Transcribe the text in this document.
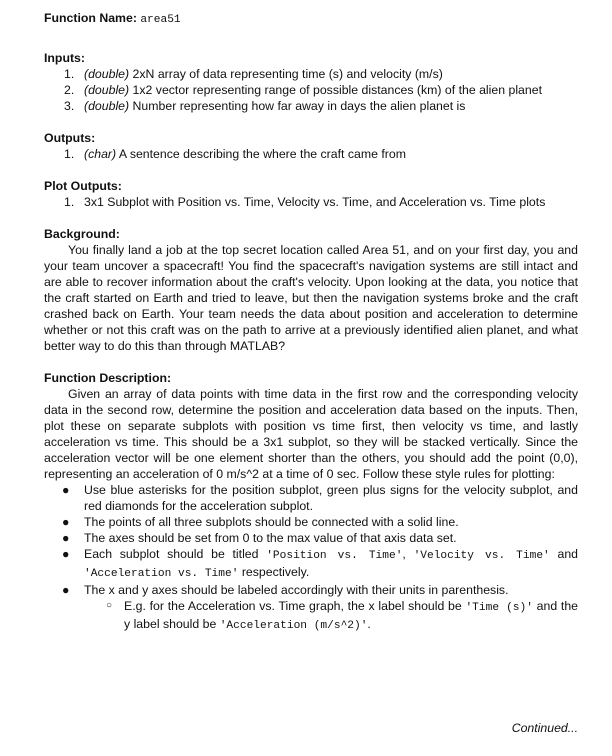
Function Name: area51

Inputs:

1. (double) 2xN array of data representing time (s) and velocity (m/s)
2. (double) 1x2 vector representing range of possible distances (km) of the alien planet
3. (double) Number representing how far away in days the alien planet is

Outputs:

1. (char) A sentence describing the where the craft came from

Plot Outputs:

1. 3x1 Subplot with Position vs. Time, Velocity vs. Time, and Acceleration vs. Time plots

Background:

You finally land a job at the top secret location called Area 51, and on your first day, you and your team uncover a spacecraft! You find the spacecraft's navigation systems are still intact and are able to recover information about the craft's velocity. Upon looking at the data, you notice that the craft started on Earth and tried to leave, but then the navigation systems broke and the craft crashed back on Earth. Your team needs the data about position and acceleration to determine whether or not this craft was on the path to arrive at a previously identified alien planet, and what better way to do this than through MATLAB?

Function Description:

Given an array of data points with time data in the first row and the corresponding velocity data in the second row, determine the position and acceleration data based on the inputs. Then, plot these on separate subplots with position vs time first, then velocity vs time, and lastly acceleration vs time. This should be a 3x1 subplot, so they will be stacked vertically. Since the acceleration vector will be one element shorter than the others, you should add the point (0,0), representing an acceleration of 0 m/s^2 at a time of 0 sec. Follow these style rules for plotting:

● Use blue asterisks for the position subplot, green plus signs for the velocity subplot, and red diamonds for the acceleration subplot.
● The points of all three subplots should be connected with a solid line.
● The axes should be set from 0 to the max value of that axis data set.
● Each subplot should be titled 'Position vs. Time', 'Velocity vs. Time' and 'Acceleration vs. Time' respectively.
● The x and y axes should be labeled accordingly with their units in parenthesis.
○ E.g. for the Acceleration vs. Time graph, the x label should be 'Time (s)' and the y label should be 'Acceleration (m/s^2)'.
Continued...
